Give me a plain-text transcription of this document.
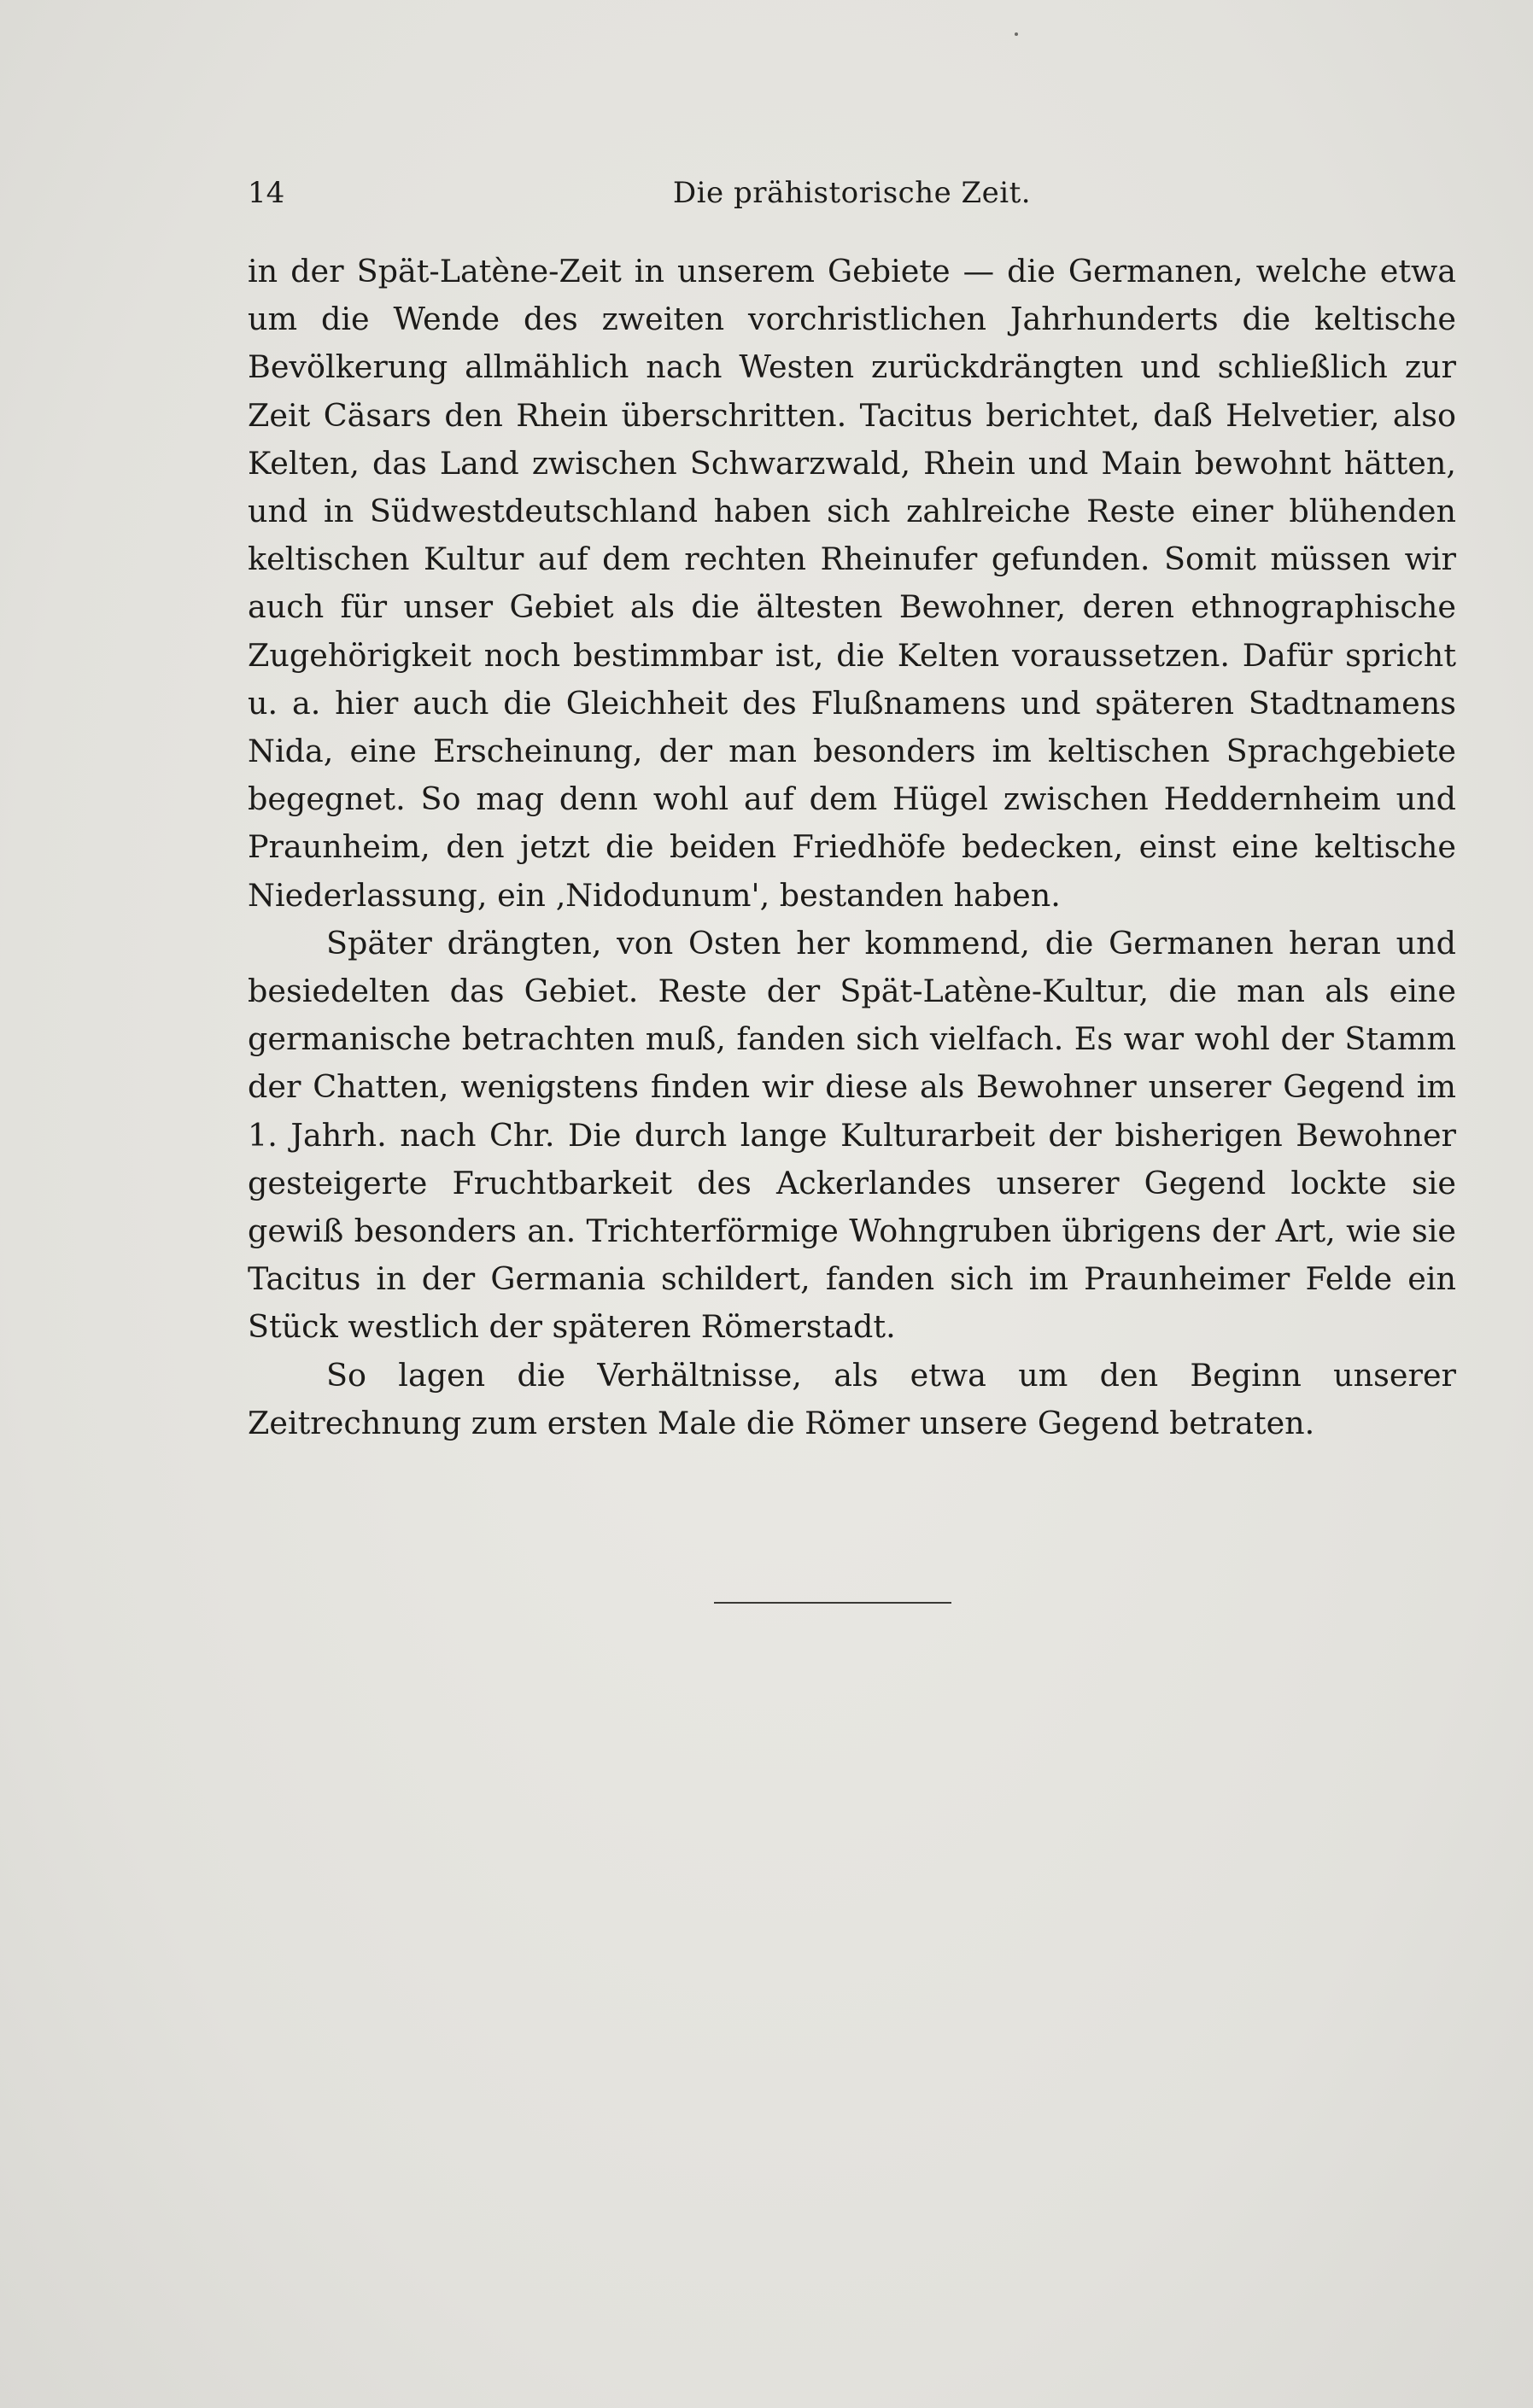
14	Die prähistorische Zeit.

in der Spät-Latène-Zeit in unserem Gebiete — die Germanen, welche etwa um die Wende des zweiten vorchristlichen Jahrhunderts die keltische Bevölkerung allmählich nach Westen zurückdrängten und schließlich zur Zeit Cäsars den Rhein überschritten. Tacitus berichtet, daß Helvetier, also Kelten, das Land zwischen Schwarzwald, Rhein und Main bewohnt hätten, und in Südwestdeutschland haben sich zahlreiche Reste einer blühenden keltischen Kultur auf dem rechten Rheinufer gefunden. Somit müssen wir auch für unser Gebiet als die ältesten Bewohner, deren ethnographische Zugehörigkeit noch bestimmbar ist, die Kelten voraussetzen. Dafür spricht u. a. hier auch die Gleichheit des Flußnamens und späteren Stadtnamens Nida, eine Erscheinung, der man besonders im keltischen Sprachgebiete begegnet. So mag denn wohl auf dem Hügel zwischen Heddernheim und Praunheim, den jetzt die beiden Friedhöfe bedecken, einst eine keltische Niederlassung, ein ‚Nidodunum', bestanden haben.

Später drängten, von Osten her kommend, die Germanen heran und besiedelten das Gebiet. Reste der Spät-Latène-Kultur, die man als eine germanische betrachten muß, fanden sich vielfach. Es war wohl der Stamm der Chatten, wenigstens finden wir diese als Bewohner unserer Gegend im 1. Jahrh. nach Chr. Die durch lange Kulturarbeit der bisherigen Bewohner gesteigerte Fruchtbarkeit des Ackerlandes unserer Gegend lockte sie gewiß besonders an. Trichterförmige Wohngruben übrigens der Art, wie sie Tacitus in der Germania schildert, fanden sich im Praunheimer Felde ein Stück westlich der späteren Römerstadt.

So lagen die Verhältnisse, als etwa um den Beginn unserer Zeitrechnung zum ersten Male die Römer unsere Gegend betraten.
